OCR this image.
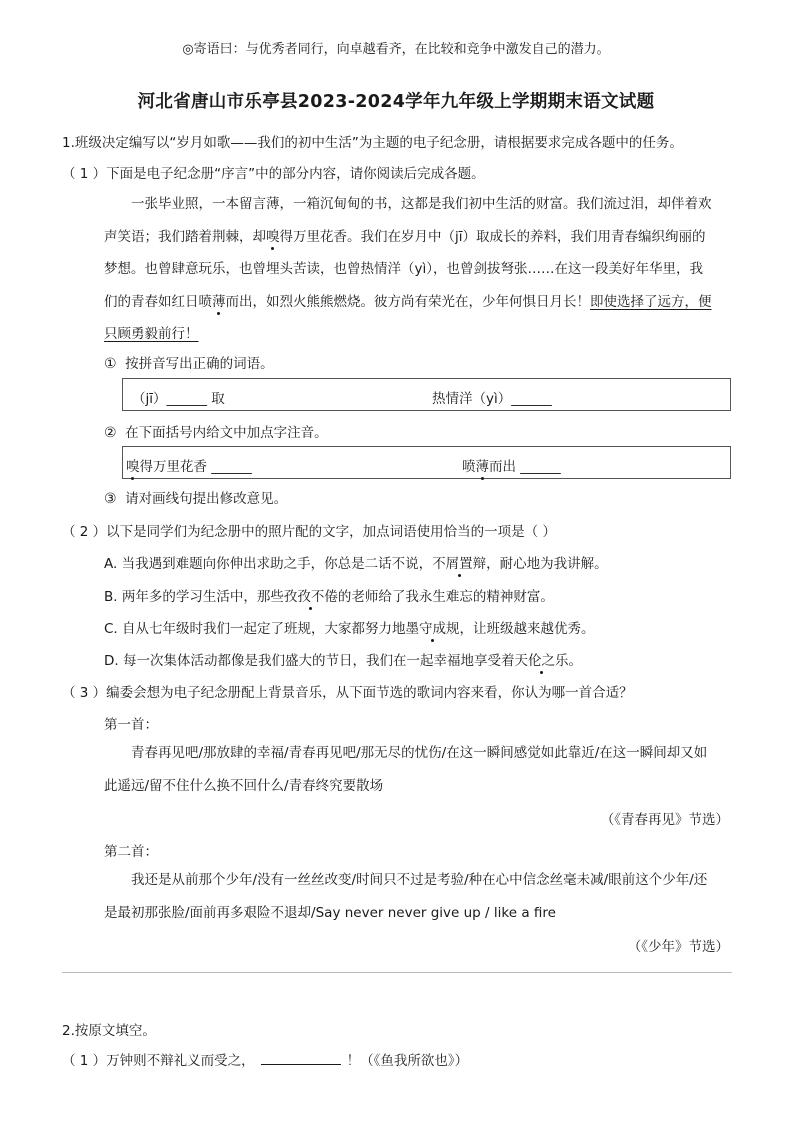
◎寄语曰：与优秀者同行，向卓越看齐，在比较和竞争中激发自己的潜力。
河北省唐山市乐亭县2023-2024学年九年级上学期期末语文试题
1.班级决定编写以“岁月如歌——我们的初中生活”为主题的电子纪念册，请根据要求完成各题中的任务。
（ 1 ）下面是电子纪念册“序言”中的部分内容，请你阅读后完成各题。
一张毕业照，一本留言薄，一箱沉甸甸的书，这都是我们初中生活的财富。我们流过泪，却伴着欢
声笑语；我们踏着荆棘，却嗅得万里花香。我们在岁月中（jī）取成长的养料，我们用青春编织绚丽的
梦想。也曾肆意玩乐，也曾埋头苦读，也曾热情洋（yì），也曾剑拔弩张……在这一段美好年华里，我
们的青春如红日喷薄而出，如烈火熊熊燃烧。彼方尚有荣光在，少年何惧日月长！即使选择了远方，便
只顾勇毅前行！
① 按拼音写出正确的词语。
（jī）______ 取	热情洋（yì）______
② 在下面括号内给文中加点字注音。
嗅得万里花香 ______	喷薄而出 ______
③ 请对画线句提出修改意见。
（ 2 ）以下是同学们为纪念册中的照片配的文字，加点词语使用恰当的一项是（ ）
A. 当我遇到难题向你伸出求助之手，你总是二话不说，不屑置辩，耐心地为我讲解。
B. 两年多的学习生活中，那些孜孜不倦的老师给了我永生难忘的精神财富。
C. 自从七年级时我们一起定了班规，大家都努力地墨守成规，让班级越来越优秀。
D. 每一次集体活动都像是我们盛大的节日，我们在一起幸福地享受着天伦之乐。
（ 3 ）编委会想为电子纪念册配上背景音乐，从下面节选的歌词内容来看，你认为哪一首合适？
第一首：
青春再见吧/那放肆的幸福/青春再见吧/那无尽的忧伤/在这一瞬间感觉如此靠近/在这一瞬间却又如
此遥远/留不住什么换不回什么/青春终究要散场
（《青春再见》节选）
第二首：
我还是从前那个少年/没有一丝丝改变/时间只不过是考验/种在心中信念丝毫未减/眼前这个少年/还
是最初那张脸/面前再多艰险不退却/Say never never give up / like a fire
（《少年》节选）
2.按原文填空。
（ 1 ）万钟则不辩礼义而受之，	！（《鱼我所欲也》）
